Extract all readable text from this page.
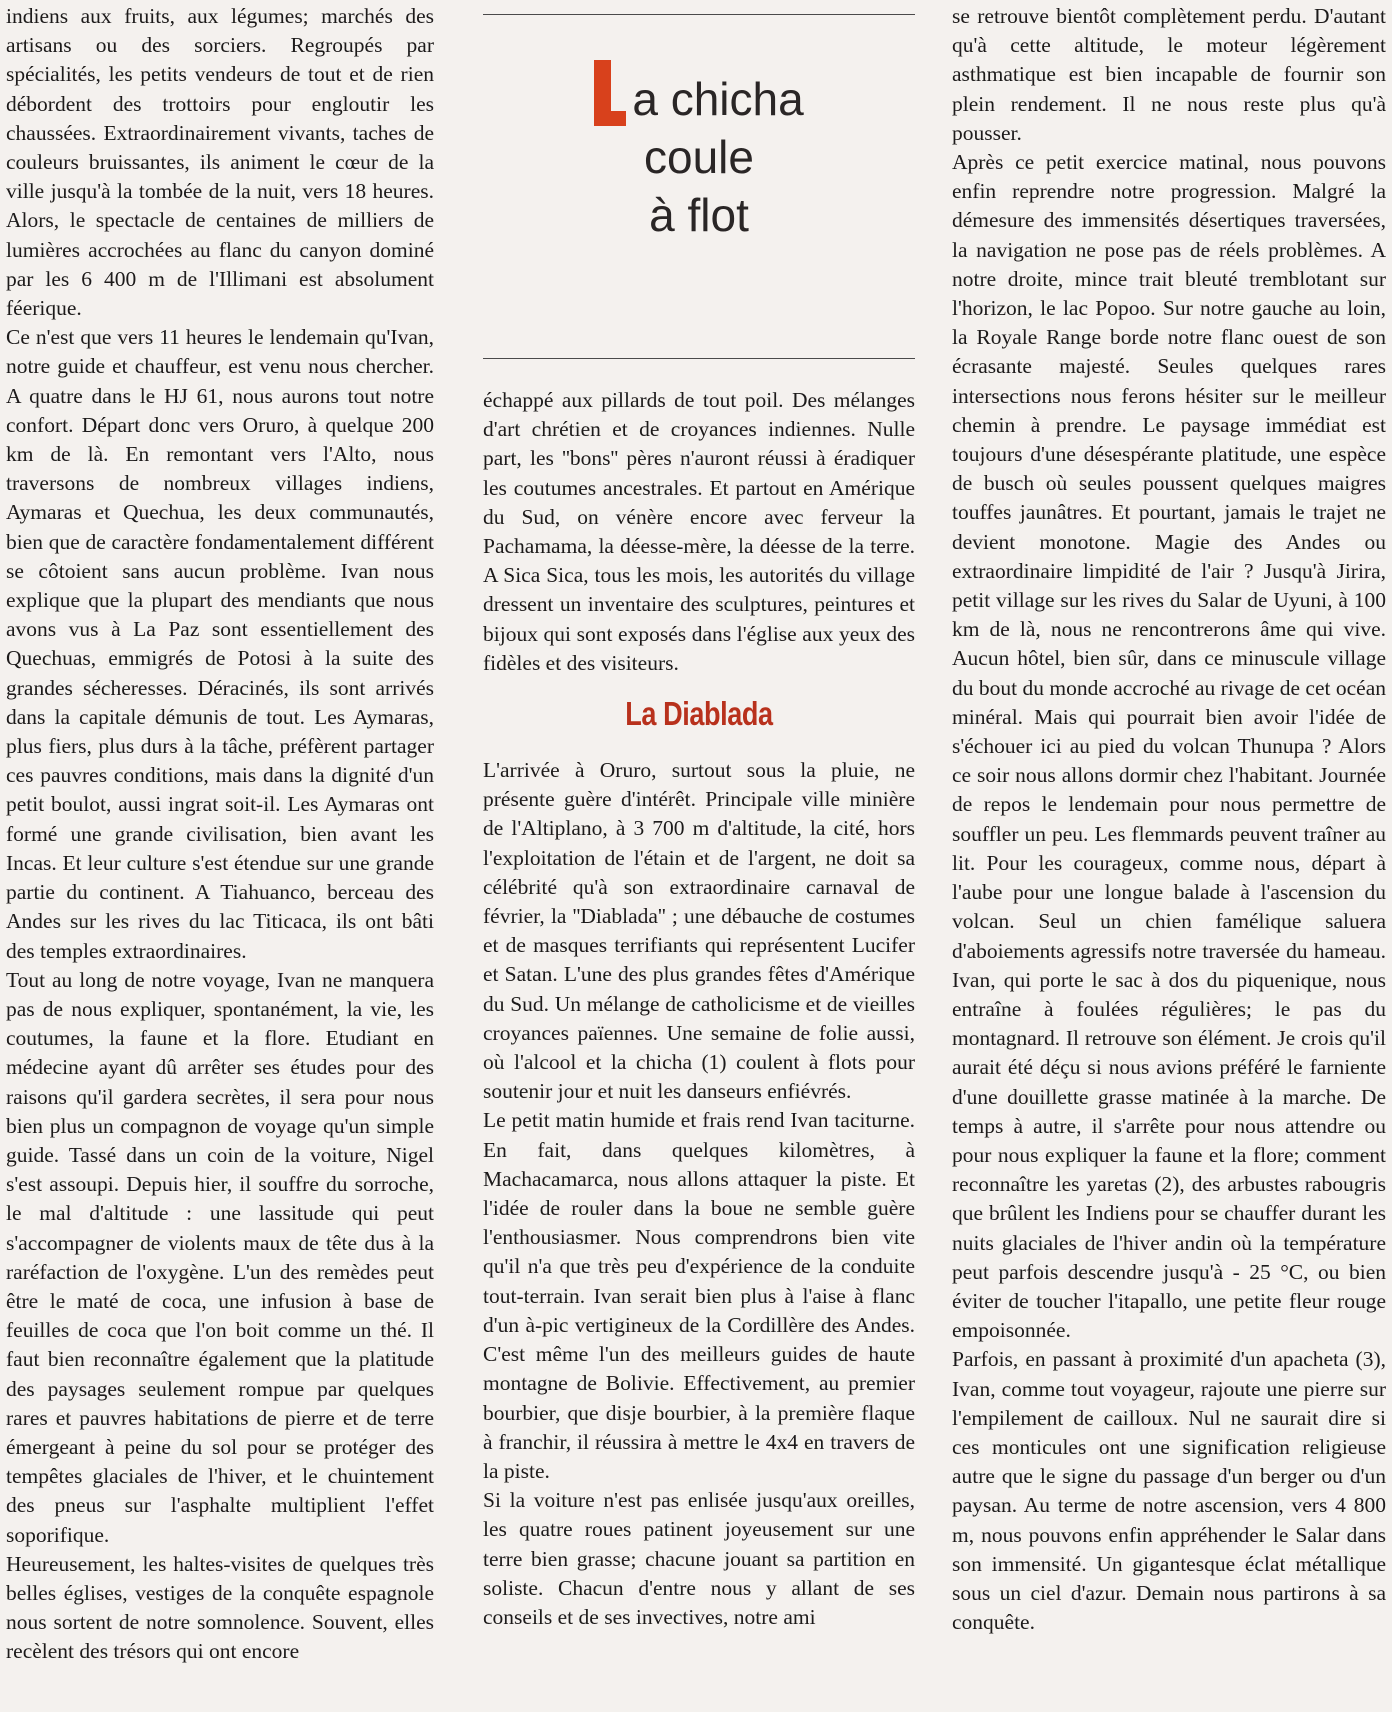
indiens aux fruits, aux légumes; marchés des artisans ou des sorciers. Regroupés par spécialités, les petits vendeurs de tout et de rien débordent des trottoirs pour engloutir les chaussées. Extraordinairement vivants, taches de couleurs bruissantes, ils animent le cœur de la ville jusqu'à la tombée de la nuit, vers 18 heures. Alors, le spectacle de centaines de milliers de lumières accrochées au flanc du canyon dominé par les 6 400 m de l'Illimani est absolument féerique.

Ce n'est que vers 11 heures le lendemain qu'Ivan, notre guide et chauffeur, est venu nous chercher. A quatre dans le HJ 61, nous aurons tout notre confort. Départ donc vers Oruro, à quelque 200 km de là. En remontant vers l'Alto, nous traversons de nombreux villages indiens, Aymaras et Quechua, les deux communautés, bien que de caractère fondamentalement différent se côtoient sans aucun problème. Ivan nous explique que la plupart des mendiants que nous avons vus à La Paz sont essentiellement des Quechuas, emmigrés de Potosi à la suite des grandes sécheresses. Déracinés, ils sont arrivés dans la capitale démunis de tout. Les Aymaras, plus fiers, plus durs à la tâche, préfèrent partager ces pauvres conditions, mais dans la dignité d'un petit boulot, aussi ingrat soit-il. Les Aymaras ont formé une grande civilisation, bien avant les Incas. Et leur culture s'est étendue sur une grande partie du continent. A Tiahuanco, berceau des Andes sur les rives du lac Titicaca, ils ont bâti des temples extraordinaires.

Tout au long de notre voyage, Ivan ne manquera pas de nous expliquer, spontanément, la vie, les coutumes, la faune et la flore. Etudiant en médecine ayant dû arrêter ses études pour des raisons qu'il gardera secrètes, il sera pour nous bien plus un compagnon de voyage qu'un simple guide. Tassé dans un coin de la voiture, Nigel s'est assoupi. Depuis hier, il souffre du sorroche, le mal d'altitude : une lassitude qui peut s'accompagner de violents maux de tête dus à la raréfaction de l'oxygène. L'un des remèdes peut être le maté de coca, une infusion à base de feuilles de coca que l'on boit comme un thé. Il faut bien reconnaître également que la platitude des paysages seulement rompue par quelques rares et pauvres habitations de pierre et de terre émergeant à peine du sol pour se protéger des tempêtes glaciales de l'hiver, et le chuintement des pneus sur l'asphalte multiplient l'effet soporifique.

Heureusement, les haltes-visites de quelques très belles églises, vestiges de la conquête espagnole nous sortent de notre somnolence. Souvent, elles recèlent des trésors qui ont encore

a chicha
coule
à flot

échappé aux pillards de tout poil. Des mélanges d'art chrétien et de croyances indiennes. Nulle part, les ''bons'' pères n'auront réussi à éradiquer les coutumes ancestrales. Et partout en Amérique du Sud, on vénère encore avec ferveur la Pachamama, la déesse-mère, la déesse de la terre. A Sica Sica, tous les mois, les autorités du village dressent un inventaire des sculptures, peintures et bijoux qui sont exposés dans l'église aux yeux des fidèles et des visiteurs.

La Diablada

L'arrivée à Oruro, surtout sous la pluie, ne présente guère d'intérêt. Principale ville minière de l'Altiplano, à 3 700 m d'altitude, la cité, hors l'exploitation de l'étain et de l'argent, ne doit sa célébrité qu'à son extraordinaire carnaval de février, la ''Diablada'' ; une débauche de costumes et de masques terrifiants qui représentent Lucifer et Satan. L'une des plus grandes fêtes d'Amérique du Sud. Un mélange de catholicisme et de vieilles croyances païennes. Une semaine de folie aussi, où l'alcool et la chicha (1) coulent à flots pour soutenir jour et nuit les danseurs enfiévrés.

Le petit matin humide et frais rend Ivan taciturne. En fait, dans quelques kilomètres, à Machacamarca, nous allons attaquer la piste. Et l'idée de rouler dans la boue ne semble guère l'enthousiasmer. Nous comprendrons bien vite qu'il n'a que très peu d'expérience de la conduite tout-terrain. Ivan serait bien plus à l'aise à flanc d'un à-pic vertigineux de la Cordillère des Andes. C'est même l'un des meilleurs guides de haute montagne de Bolivie. Effectivement, au premier bourbier, que disje bourbier, à la première flaque à franchir, il réussira à mettre le 4x4 en travers de la piste.

Si la voiture n'est pas enlisée jusqu'aux oreilles, les quatre roues patinent joyeusement sur une terre bien grasse; chacune jouant sa partition en soliste. Chacun d'entre nous y allant de ses conseils et de ses invectives, notre ami

se retrouve bientôt complètement perdu. D'autant qu'à cette altitude, le moteur légèrement asthmatique est bien incapable de fournir son plein rendement. Il ne nous reste plus qu'à pousser.

Après ce petit exercice matinal, nous pouvons enfin reprendre notre progression. Malgré la démesure des immensités désertiques traversées, la navigation ne pose pas de réels problèmes. A notre droite, mince trait bleuté tremblotant sur l'horizon, le lac Popoo. Sur notre gauche au loin, la Royale Range borde notre flanc ouest de son écrasante majesté. Seules quelques rares intersections nous ferons hésiter sur le meilleur chemin à prendre. Le paysage immédiat est toujours d'une désespérante platitude, une espèce de busch où seules poussent quelques maigres touffes jaunâtres. Et pourtant, jamais le trajet ne devient monotone. Magie des Andes ou extraordinaire limpidité de l'air ? Jusqu'à Jirira, petit village sur les rives du Salar de Uyuni, à 100 km de là, nous ne rencontrerons âme qui vive. Aucun hôtel, bien sûr, dans ce minuscule village du bout du monde accroché au rivage de cet océan minéral. Mais qui pourrait bien avoir l'idée de s'échouer ici au pied du volcan Thunupa ? Alors ce soir nous allons dormir chez l'habitant. Journée de repos le lendemain pour nous permettre de souffler un peu. Les flemmards peuvent traîner au lit. Pour les courageux, comme nous, départ à l'aube pour une longue balade à l'ascension du volcan. Seul un chien famélique saluera d'aboiements agressifs notre traversée du hameau. Ivan, qui porte le sac à dos du piquenique, nous entraîne à foulées régulières; le pas du montagnard. Il retrouve son élément. Je crois qu'il aurait été déçu si nous avions préféré le farniente d'une douillette grasse matinée à la marche. De temps à autre, il s'arrête pour nous attendre ou pour nous expliquer la faune et la flore; comment reconnaître les yaretas (2), des arbustes rabougris que brûlent les Indiens pour se chauffer durant les nuits glaciales de l'hiver andin où la température peut parfois descendre jusqu'à - 25 °C, ou bien éviter de toucher l'itapallo, une petite fleur rouge empoisonnée.

Parfois, en passant à proximité d'un apacheta (3), Ivan, comme tout voyageur, rajoute une pierre sur l'empilement de cailloux. Nul ne saurait dire si ces monticules ont une signification religieuse autre que le signe du passage d'un berger ou d'un paysan. Au terme de notre ascension, vers 4 800 m, nous pouvons enfin appréhender le Salar dans son immensité. Un gigantesque éclat métallique sous un ciel d'azur. Demain nous partirons à sa conquête.
